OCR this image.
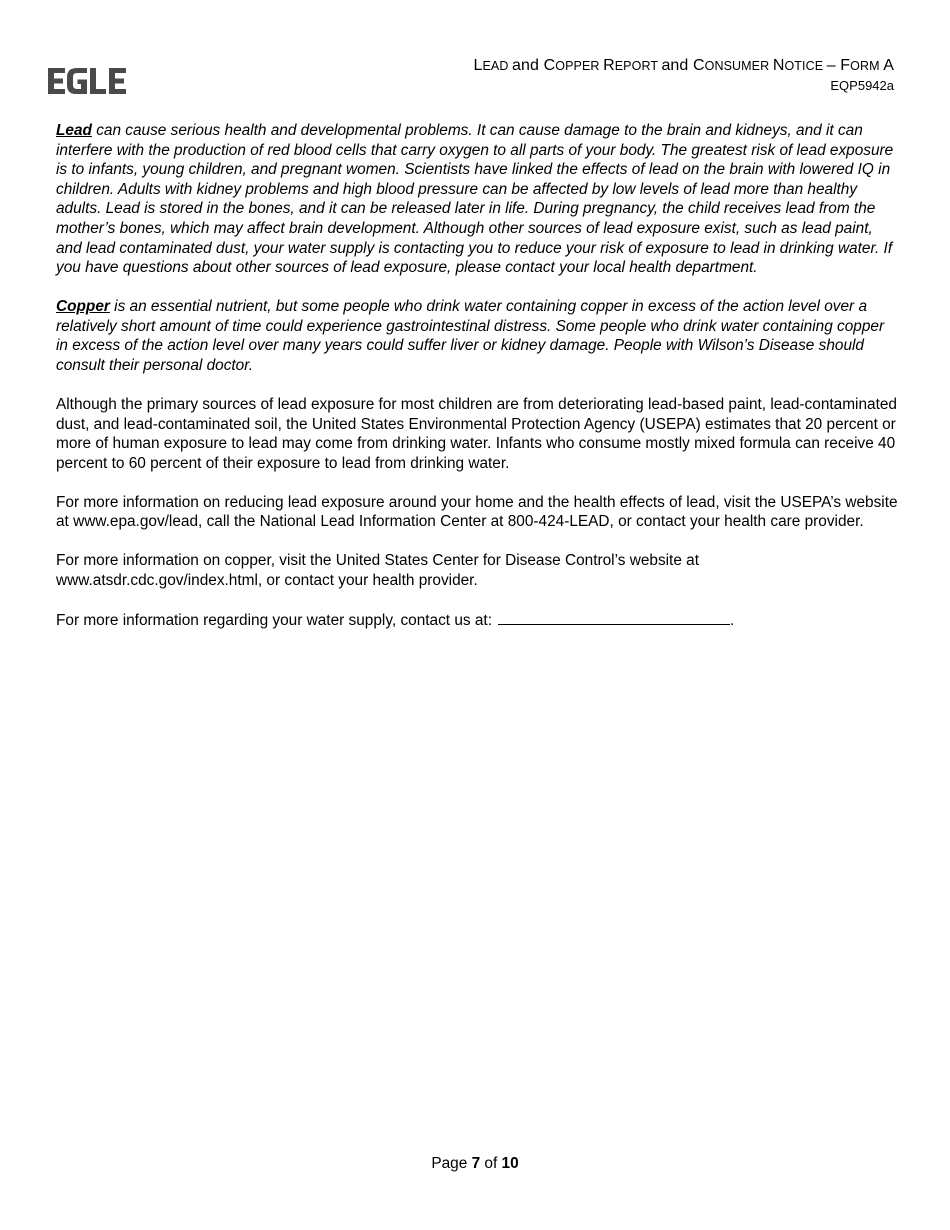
LEAD and COPPER REPORT and CONSUMER NOTICE – FORM A
EQP5942a

Lead can cause serious health and developmental problems. It can cause damage to the brain and kidneys, and it can interfere with the production of red blood cells that carry oxygen to all parts of your body. The greatest risk of lead exposure is to infants, young children, and pregnant women. Scientists have linked the effects of lead on the brain with lowered IQ in children. Adults with kidney problems and high blood pressure can be affected by low levels of lead more than healthy adults. Lead is stored in the bones, and it can be released later in life. During pregnancy, the child receives lead from the mother’s bones, which may affect brain development. Although other sources of lead exposure exist, such as lead paint, and lead contaminated dust, your water supply is contacting you to reduce your risk of exposure to lead in drinking water. If you have questions about other sources of lead exposure, please contact your local health department.

Copper is an essential nutrient, but some people who drink water containing copper in excess of the action level over a relatively short amount of time could experience gastrointestinal distress. Some people who drink water containing copper in excess of the action level over many years could suffer liver or kidney damage. People with Wilson’s Disease should consult their personal doctor.

Although the primary sources of lead exposure for most children are from deteriorating lead-based paint, lead-contaminated dust, and lead-contaminated soil, the United States Environmental Protection Agency (USEPA) estimates that 20 percent or more of human exposure to lead may come from drinking water. Infants who consume mostly mixed formula can receive 40 percent to 60 percent of their exposure to lead from drinking water.

For more information on reducing lead exposure around your home and the health effects of lead, visit the USEPA’s website at www.epa.gov/lead, call the National Lead Information Center at 800-424-LEAD, or contact your health care provider.

For more information on copper, visit the United States Center for Disease Control’s website at www.atsdr.cdc.gov/index.html, or contact your health provider.

For more information regarding your water supply, contact us at:	.

Page 7 of 10
